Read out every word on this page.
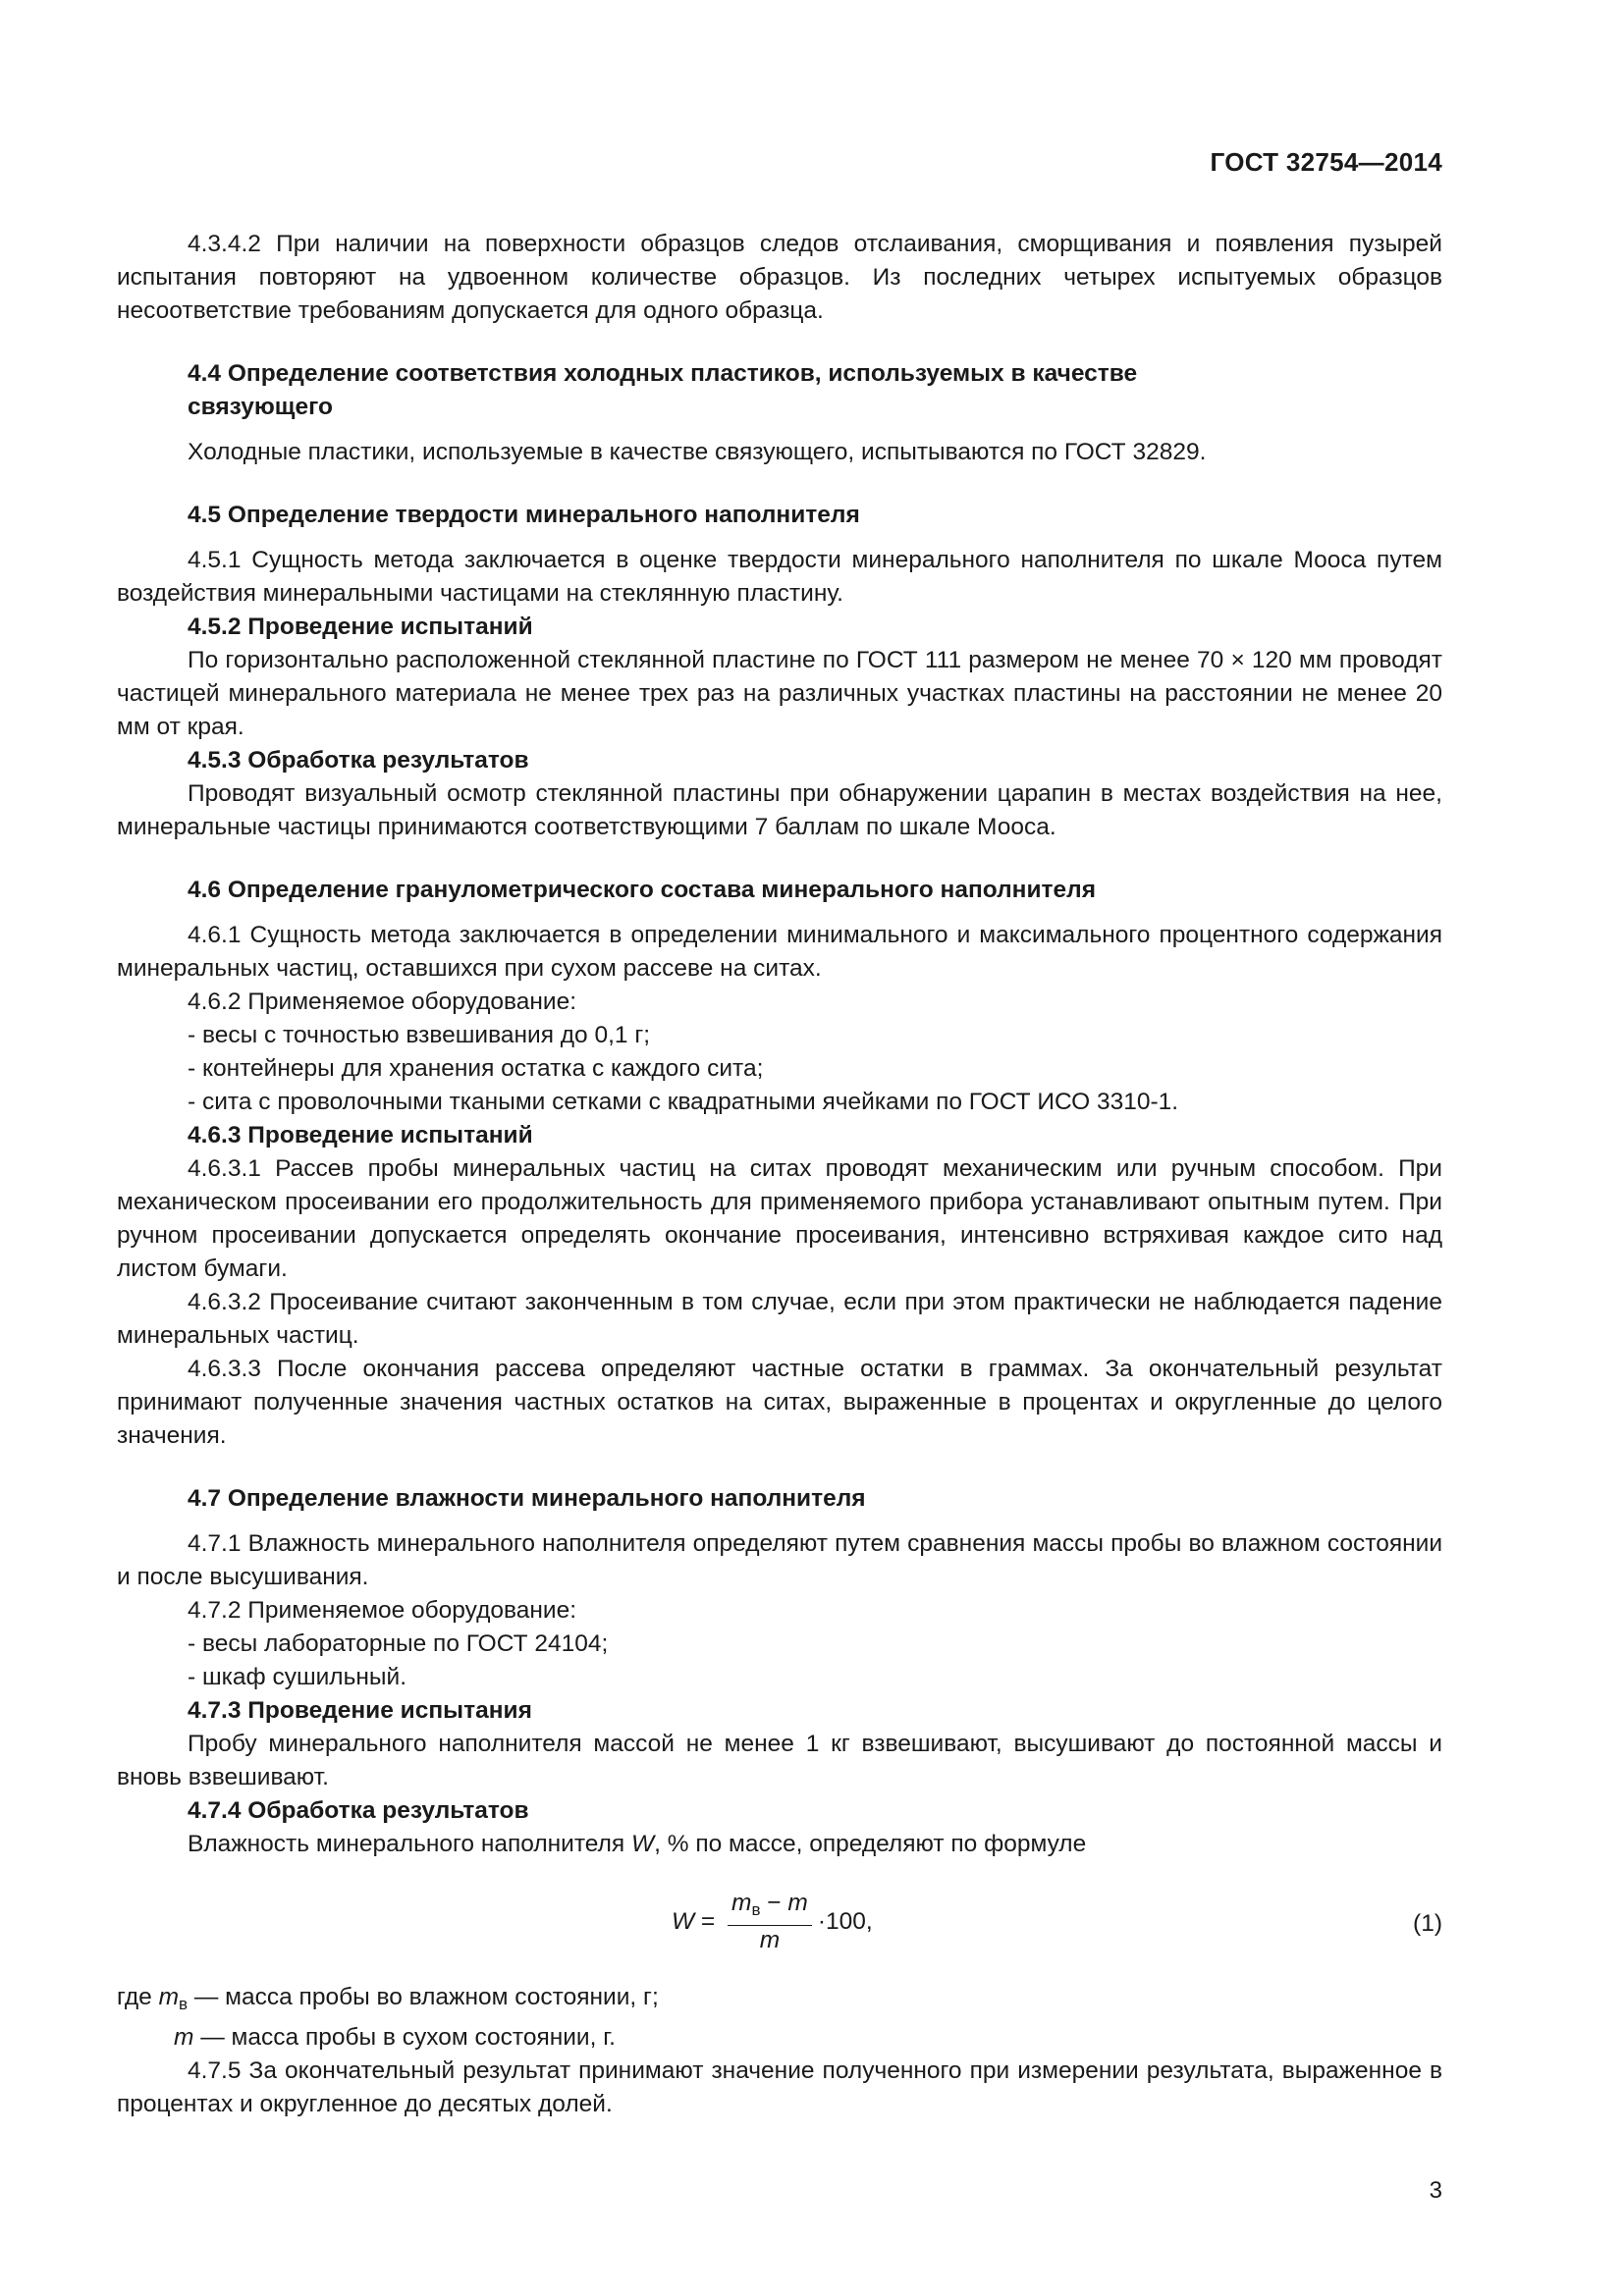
ГОСТ 32754—2014

4.3.4.2 При наличии на поверхности образцов следов отслаивания, сморщивания и появления пузырей испытания повторяют на удвоенном количестве образцов. Из последних четырех испытуемых образцов несоответствие требованиям допускается для одного образца.

4.4 Определение соответствия холодных пластиков, используемых в качестве

связующего

Холодные пластики, используемые в качестве связующего, испытываются по ГОСТ 32829.

4.5 Определение твердости минерального наполнителя

4.5.1 Сущность метода заключается в оценке твердости минерального наполнителя по шкале Мооса путем воздействия минеральными частицами на стеклянную пластину.

4.5.2 Проведение испытаний

По горизонтально расположенной стеклянной пластине по ГОСТ 111 размером не менее 70 × 120 мм проводят частицей минерального материала не менее трех раз на различных участках пластины на расстоянии не менее 20 мм от края.

4.5.3 Обработка результатов

Проводят визуальный осмотр стеклянной пластины при обнаружении царапин в местах воздействия на нее, минеральные частицы принимаются соответствующими 7 баллам по шкале Мооса.

4.6 Определение гранулометрического состава минерального наполнителя

4.6.1 Сущность метода заключается в определении минимального и максимального процентного содержания минеральных частиц, оставшихся при сухом рассеве на ситах.

4.6.2 Применяемое оборудование:

- весы с точностью взвешивания до 0,1 г;

- контейнеры для хранения остатка с каждого сита;

- сита с проволочными ткаными сетками с квадратными ячейками по ГОСТ ИСО 3310-1.

4.6.3 Проведение испытаний

4.6.3.1 Рассев пробы минеральных частиц на ситах проводят механическим или ручным способом. При механическом просеивании его продолжительность для применяемого прибора устанавливают опытным путем. При ручном просеивании допускается определять окончание просеивания, интенсивно встряхивая каждое сито над листом бумаги.

4.6.3.2 Просеивание считают законченным в том случае, если при этом практически не наблюдается падение минеральных частиц.

4.6.3.3 После окончания рассева определяют частные остатки в граммах. За окончательный результат принимают полученные значения частных остатков на ситах, выраженные в процентах и округленные до целого значения.

4.7 Определение влажности минерального наполнителя

4.7.1 Влажность минерального наполнителя определяют путем сравнения массы пробы во влажном состоянии и после высушивания.

4.7.2 Применяемое оборудование:

- весы лабораторные по ГОСТ 24104;

- шкаф сушильный.

4.7.3 Проведение испытания

Пробу минерального наполнителя массой не менее 1 кг взвешивают, высушивают до постоянной массы и вновь взвешивают.

4.7.4 Обработка результатов

Влажность минерального наполнителя W, % по массе, определяют по формуле

$W = \frac{m_в - m}{m} \cdot 100$,	(1)

где $m_в$ — масса пробы во влажном состоянии, г;

m — масса пробы в сухом состоянии, г.

4.7.5 За окончательный результат принимают значение полученного при измерении результата, выраженное в процентах и округленное до десятых долей.

3
